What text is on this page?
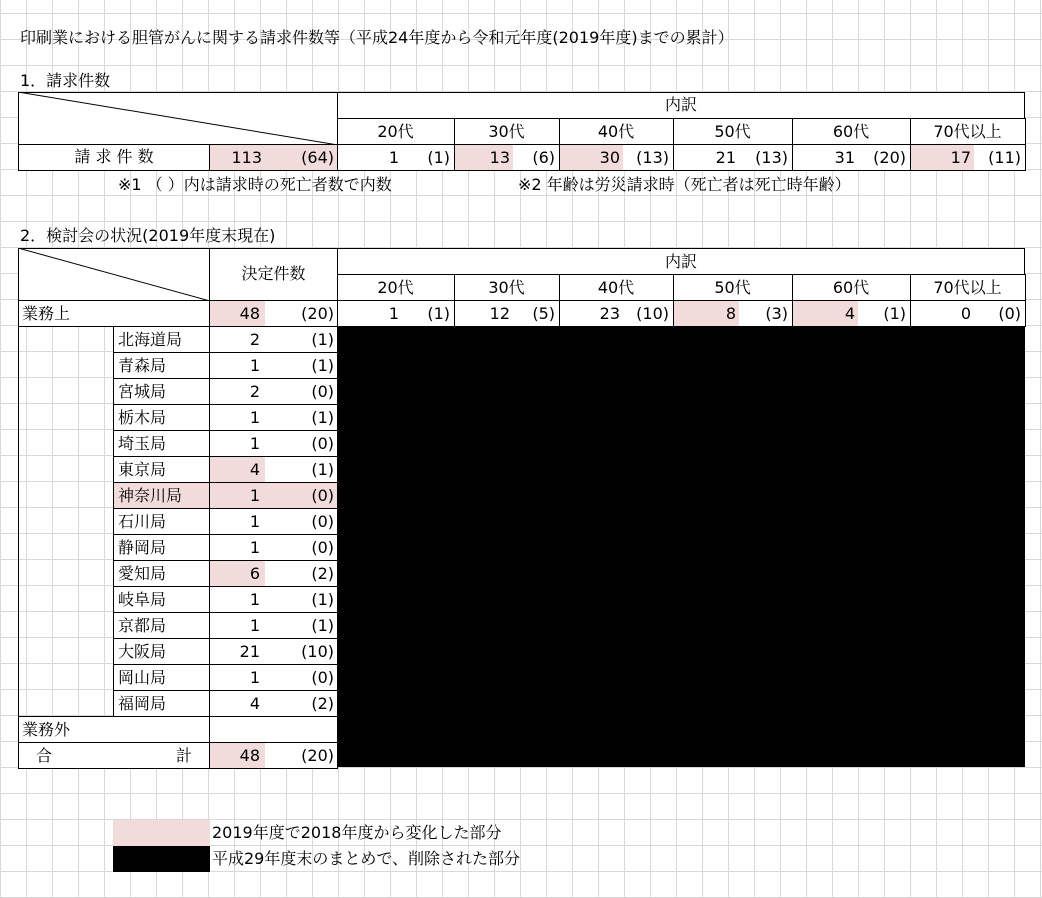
印刷業における胆管がんに関する請求件数等（平成24年度から令和元年度(2019年度)までの累計）
1．請求件数
内訳
20代	30代	40代	50代	60代	70代以上
請 求 件 数	113	(64)	1	(1)	13	(6)	30	(13)	21	(13)	31	(20)	17	(11)
※1 （ ）内は請求時の死亡者数で内数	※2 年齢は労災請求時（死亡者は死亡時年齢）
2．検討会の状況(2019年度末現在)
決定件数
内訳
20代	30代	40代	50代	60代	70代以上
業務上	48	(20)	1	(1)	12	(5)	23	(10)	8	(3)	4	(1)	0	(0)
北海道局	2	(1)
青森局	1	(1)
宮城局	2	(0)
栃木局	1	(1)
埼玉局	1	(0)
東京局	4	(1)
神奈川局	1	(0)
石川局	1	(0)
静岡局	1	(0)
愛知局	6	(2)
岐阜局	1	(1)
京都局	1	(1)
大阪局	21	(10)
岡山局	1	(0)
福岡局	4	(2)
業務外
合	計	48	(20)
2019年度で2018年度から変化した部分
平成29年度末のまとめで、削除された部分
